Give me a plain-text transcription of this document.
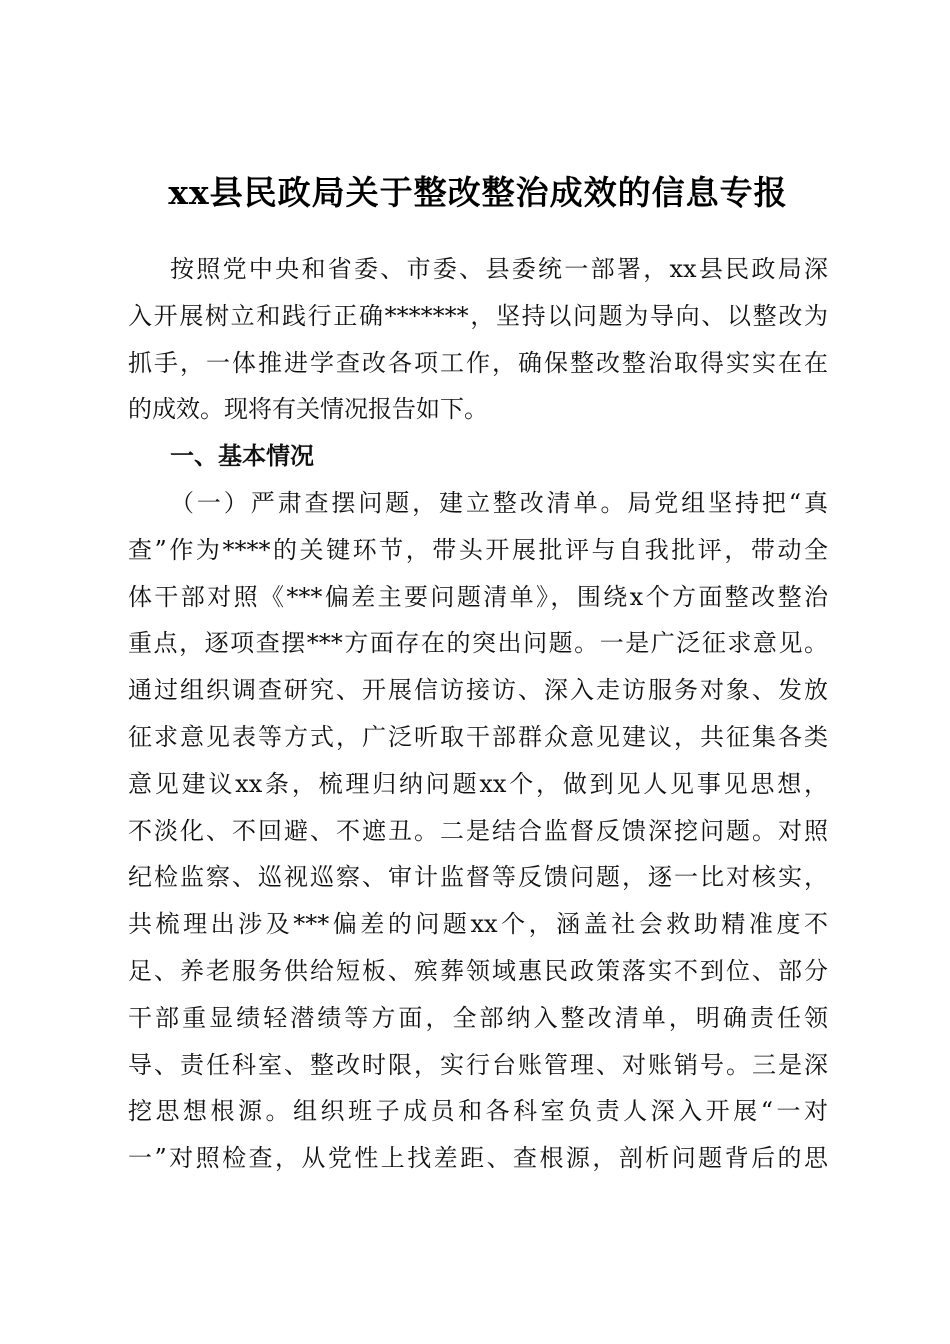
xx县民政局关于整改整治成效的信息专报
按照党中央和省委、市委、县委统一部署，xx县民政局深
入开展树立和践行正确*******，坚持以问题为导向、以整改为
抓手，一体推进学查改各项工作，确保整改整治取得实实在在
的成效。现将有关情况报告如下。
一、基本情况
（一）严肃查摆问题，建立整改清单。局党组坚持把“真
查”作为****的关键环节，带头开展批评与自我批评，带动全
体干部对照《***偏差主要问题清单》，围绕x个方面整改整治
重点，逐项查摆***方面存在的突出问题。一是广泛征求意见。
通过组织调查研究、开展信访接访、深入走访服务对象、发放
征求意见表等方式，广泛听取干部群众意见建议，共征集各类
意见建议xx条，梳理归纳问题xx个，做到见人见事见思想，
不淡化、不回避、不遮丑。二是结合监督反馈深挖问题。对照
纪检监察、巡视巡察、审计监督等反馈问题，逐一比对核实，
共梳理出涉及***偏差的问题xx个，涵盖社会救助精准度不
足、养老服务供给短板、殡葬领域惠民政策落实不到位、部分
干部重显绩轻潜绩等方面，全部纳入整改清单，明确责任领
导、责任科室、整改时限，实行台账管理、对账销号。三是深
挖思想根源。组织班子成员和各科室负责人深入开展“一对
一”对照检查，从党性上找差距、查根源，剖析问题背后的思
